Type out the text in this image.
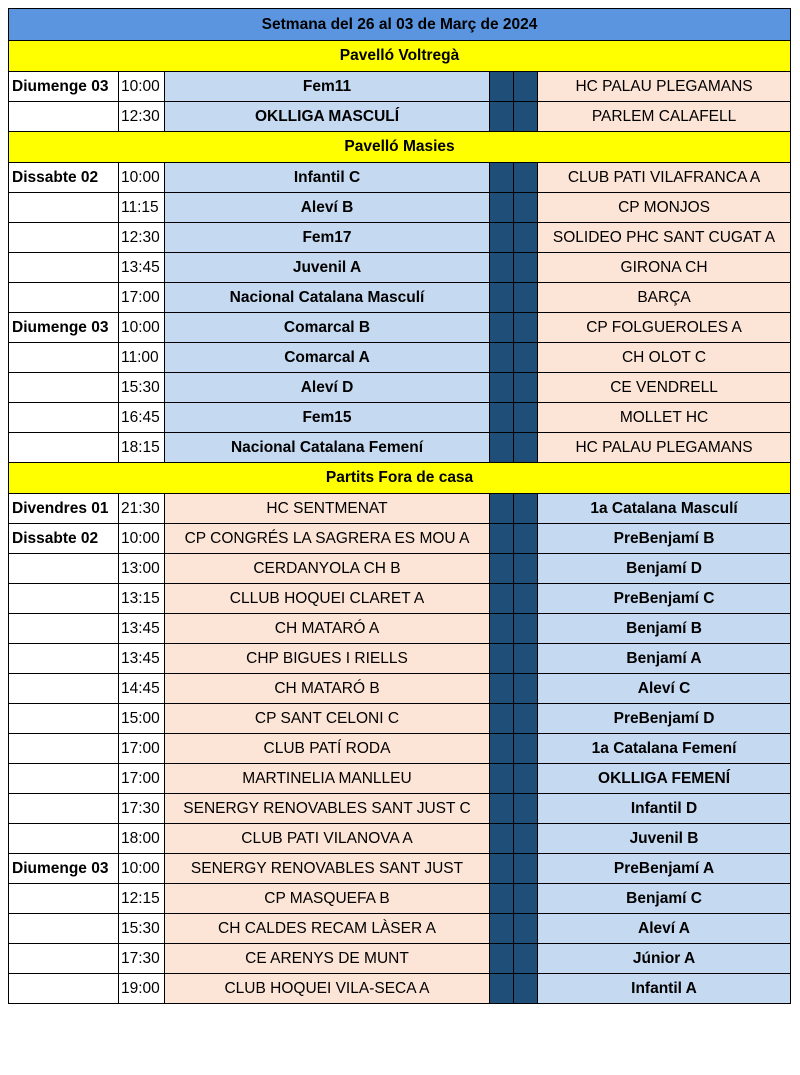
Setmana del 26 al 03 de Març de 2024					
Pavelló Voltregà					
Diumenge 03	10:00	Fem11			HC PALAU PLEGAMANS
	12:30	OKLLIGA MASCULÍ			PARLEM CALAFELL
Pavelló Masies					
Dissabte 02	10:00	Infantil C			CLUB PATI VILAFRANCA A
	11:15	Aleví B			CP MONJOS
	12:30	Fem17			SOLIDEO PHC SANT CUGAT A
	13:45	Juvenil A			GIRONA CH
	17:00	Nacional Catalana Masculí			BARÇA
Diumenge 03	10:00	Comarcal B			CP FOLGUEROLES A
	11:00	Comarcal A			CH OLOT C
	15:30	Aleví D			CE VENDRELL
	16:45	Fem15			MOLLET HC
	18:15	Nacional Catalana Femení			HC PALAU PLEGAMANS
Partits Fora de casa					
Divendres 01	21:30	HC SENTMENAT			1a Catalana Masculí
Dissabte 02	10:00	CP CONGRÉS LA SAGRERA ES MOU A			PreBenjamí B
	13:00	CERDANYOLA CH B			Benjamí D
	13:15	CLLUB HOQUEI CLARET A			PreBenjamí C
	13:45	CH MATARÓ A			Benjamí B
	13:45	CHP BIGUES I RIELLS			Benjamí A
	14:45	CH MATARÓ B			Aleví C
	15:00	CP SANT CELONI C			PreBenjamí D
	17:00	CLUB PATÍ RODA			1a Catalana Femení
	17:00	MARTINELIA MANLLEU			OKLLIGA FEMENÍ
	17:30	SENERGY RENOVABLES SANT JUST C			Infantil D
	18:00	CLUB PATI VILANOVA A			Juvenil B
Diumenge 03	10:00	SENERGY RENOVABLES SANT JUST			PreBenjamí A
	12:15	CP MASQUEFA B			Benjamí C
	15:30	CH CALDES RECAM LÀSER A			Aleví A
	17:30	CE ARENYS DE MUNT			Júnior A
	19:00	CLUB HOQUEI VILA-SECA A			Infantil A
